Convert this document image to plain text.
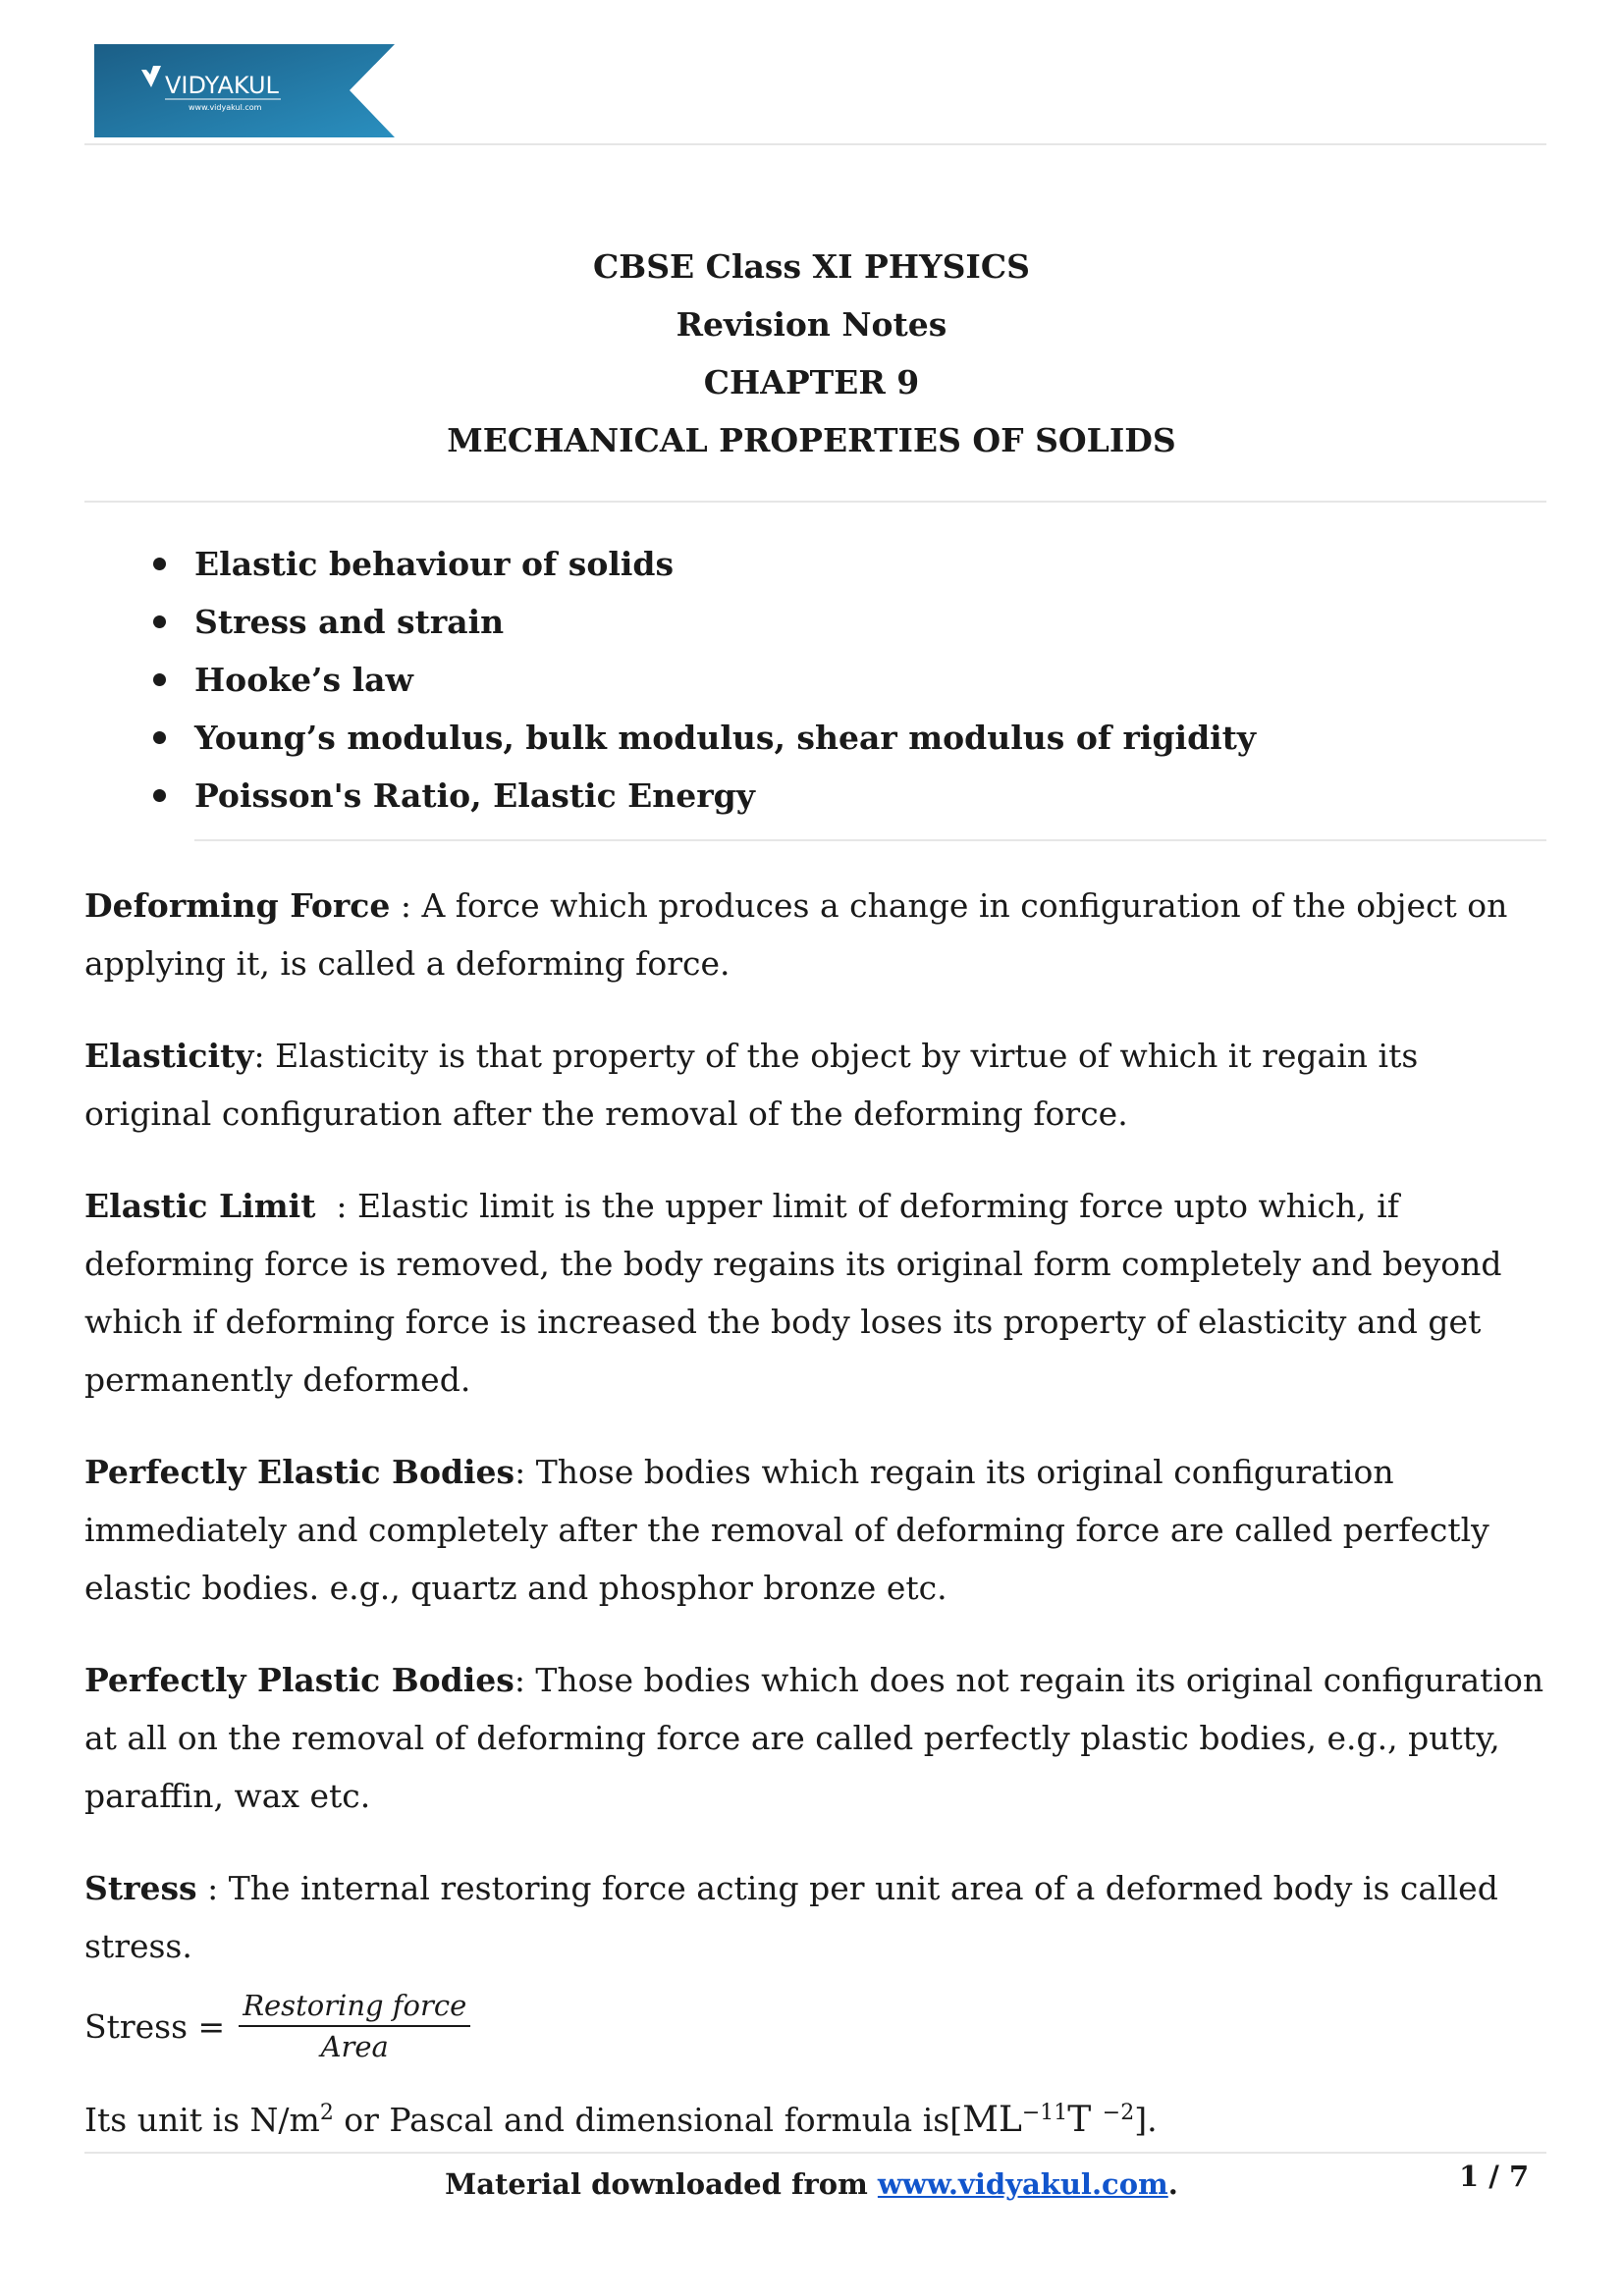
VIDYAKUL
www.vidyakul.com
CBSE Class XI PHYSICS
Revision Notes
CHAPTER 9
MECHANICAL PROPERTIES OF SOLIDS
Elastic behaviour of solids
Stress and strain
Hooke’s law
Young’s modulus, bulk modulus, shear modulus of rigidity
Poisson's Ratio, Elastic Energy

Deforming Force : A force which produces a change in configuration of the object on applying it, is called a deforming force.

Elasticity: Elasticity is that property of the object by virtue of which it regain its original configuration after the removal of the deforming force.

Elastic Limit  : Elastic limit is the upper limit of deforming force upto which, if deforming force is removed, the body regains its original form completely and beyond which if deforming force is increased the body loses its property of elasticity and get permanently deformed.

Perfectly Elastic Bodies: Those bodies which regain its original configuration immediately and completely after the removal of deforming force are called perfectly elastic bodies. e.g., quartz and phosphor bronze etc.

Perfectly Plastic Bodies: Those bodies which does not regain its original configuration at all on the removal of deforming force are called perfectly plastic bodies, e.g., putty, paraffin, wax etc.

Stress : The internal restoring force acting per unit area of a deformed body is called stress.

Stress = $\frac{\text{Restoring force}}{\text{Area}}$

Its unit is $N/m^2$ or Pascal and dimensional formula $is[ML^{-11}T$ $^{-2}$].

Material downloaded from www.vidyakul.com.	1 / 7
